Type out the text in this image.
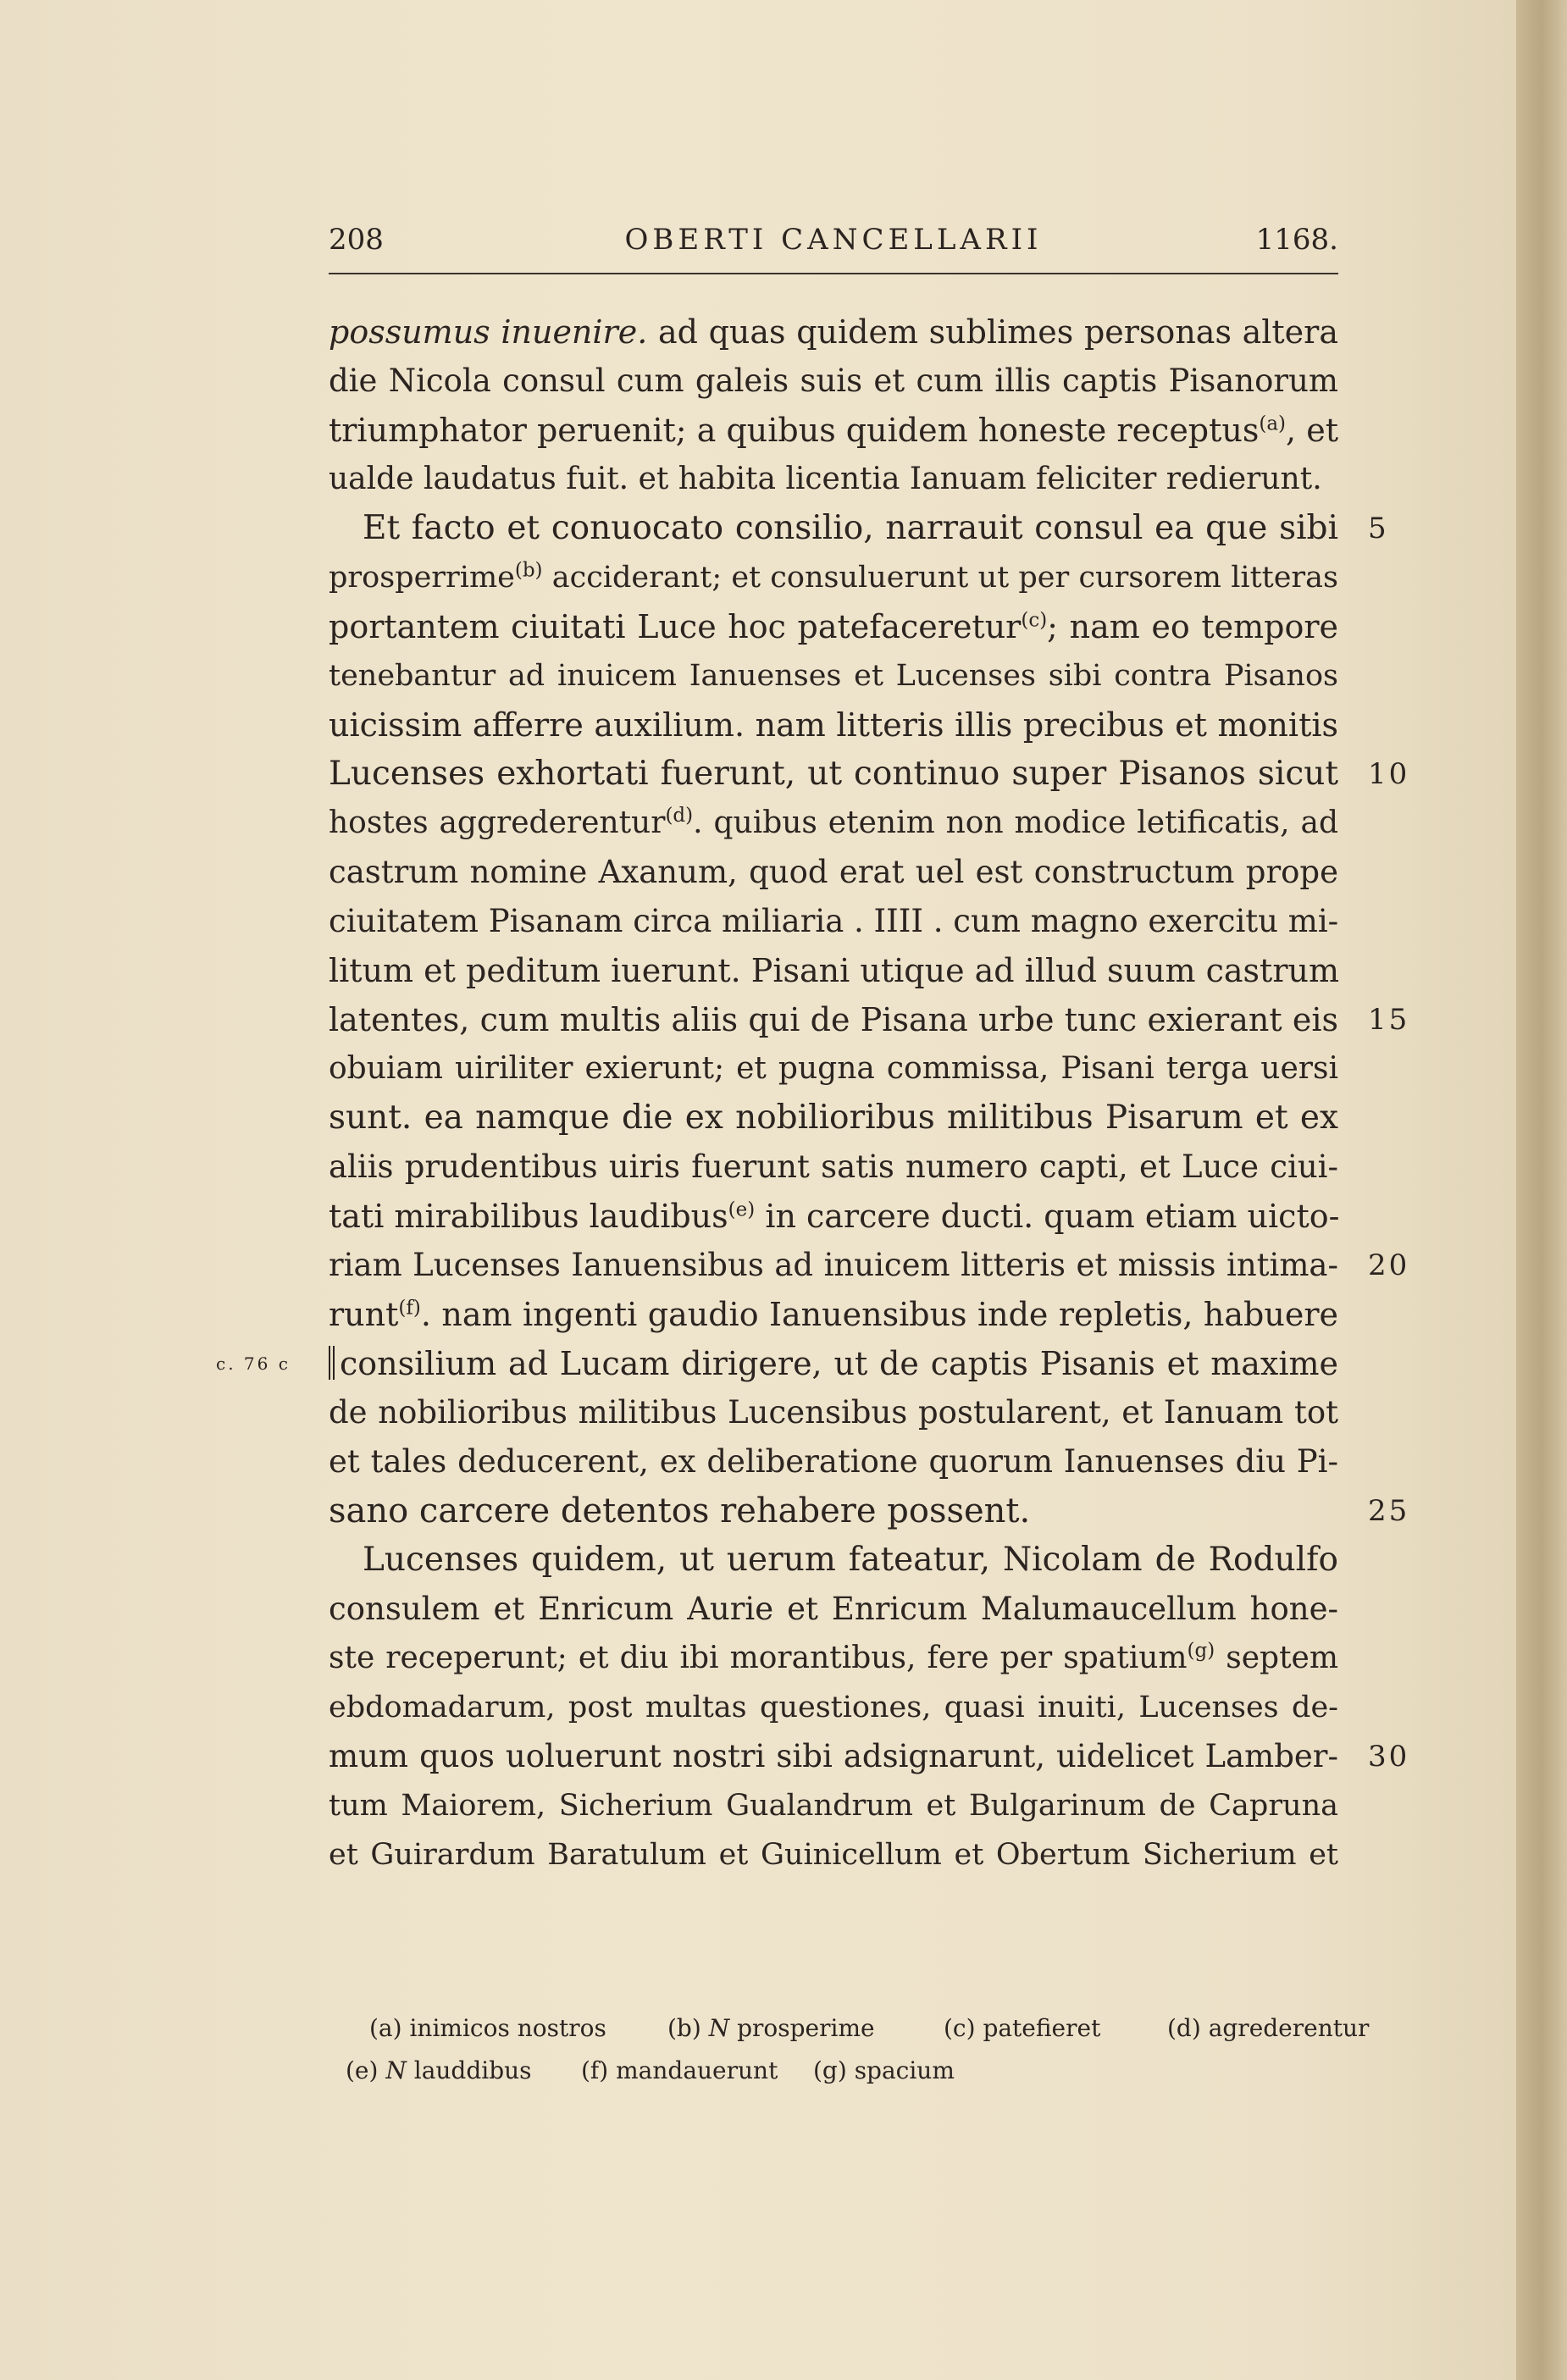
OBERTI CANCELLARII
208	1168.
possumus inuenire. ad quas quidem sublimes personas altera
die Nicola consul cum galeis suis et cum illis captis Pisanorum
triumphator peruenit; a quibus quidem honeste receptus$^{(a)}$, et
ualde laudatus fuit. et habita licentia Ianuam feliciter redierunt.
Et facto et conuocato consilio, narrauit consul ea que sibi
prosperrime$^{(b)}$ acciderant; et consuluerunt ut per cursorem litteras
portantem ciuitati Luce hoc patefaceretur$^{(c)}$; nam eo tempore
tenebantur ad inuicem Ianuenses et Lucenses sibi contra Pisanos
uicissim afferre auxilium. nam litteris illis precibus et monitis
Lucenses exhortati fuerunt, ut continuo super Pisanos sicut
hostes aggrederentur$^{(d)}$. quibus etenim non modice letificatis, ad
castrum nomine Axanum, quod erat uel est constructum prope
ciuitatem Pisanam circa miliaria . IIII . cum magno exercitu mi-
litum et peditum iuerunt. Pisani utique ad illud suum castrum
latentes, cum multis aliis qui de Pisana urbe tunc exierant eis
obuiam uiriliter exierunt; et pugna commissa, Pisani terga uersi
sunt. ea namque die ex nobilioribus militibus Pisarum et ex
aliis prudentibus uiris fuerunt satis numero capti, et Luce ciui-
tati mirabilibus laudibus$^{(e)}$ in carcere ducti. quam etiam uicto-
riam Lucenses Ianuensibus ad inuicem litteris et missis intima-
runt$^{(f)}$. nam ingenti gaudio Ianuensibus inde repletis, habuere
consilium ad Lucam dirigere, ut de captis Pisanis et maxime
de nobilioribus militibus Lucensibus postularent, et Ianuam tot
et tales deducerent, ex deliberatione quorum Ianuenses diu Pi-
sano carcere detentos rehabere possent.
Lucenses quidem, ut uerum fateatur, Nicolam de Rodulfo
consulem et Enricum Aurie et Enricum Malumaucellum hone-
ste receperunt; et diu ibi morantibus, fere per spatium$^{(g)}$ septem
ebdomadarum, post multas questiones, quasi inuiti, Lucenses de-
mum quos uoluerunt nostri sibi adsignarunt, uidelicet Lamber-
tum Maiorem, Sicherium Gualandrum et Bulgarinum de Capruna
et Guirardum Baratulum et Guinicellum et Obertum Sicherium et
5
10
15
20
25
30
c. 76 c
(a) inimicos nostros	(b) N prosperime	(c) patefieret	(d) agrederentur
(e) N lauddibus (f) mandauerunt (g) spacium
